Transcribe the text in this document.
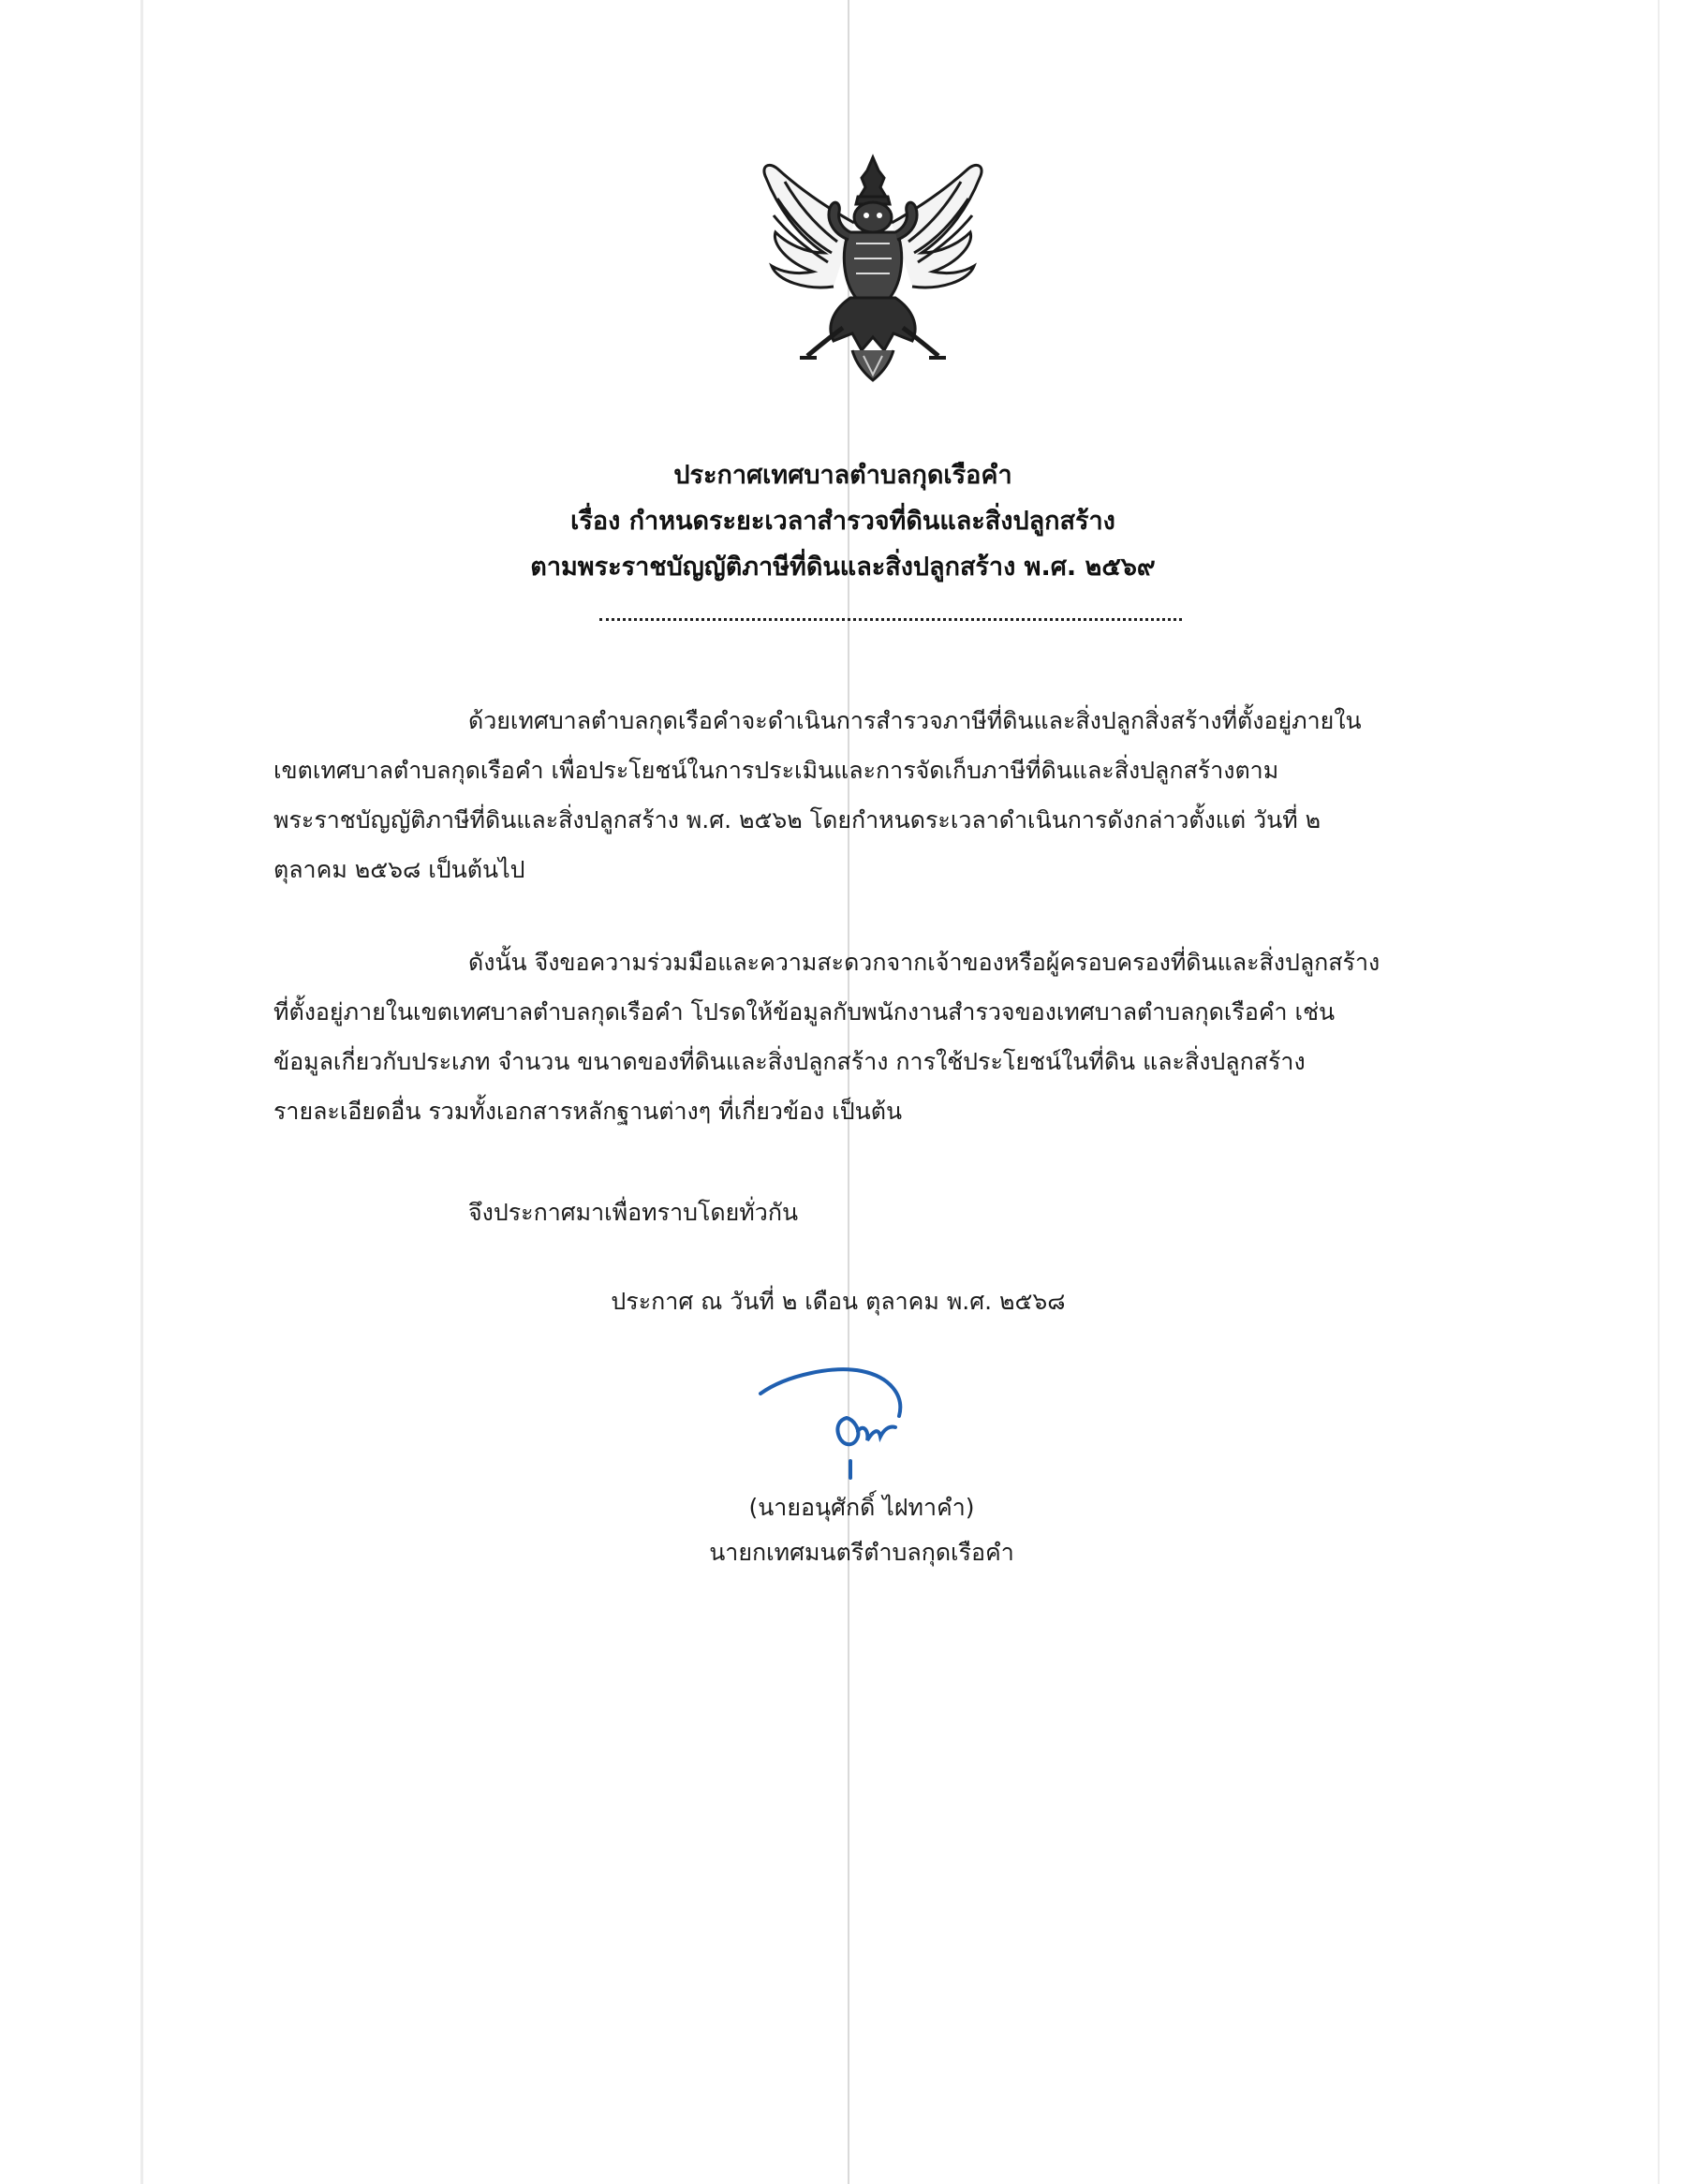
ประกาศเทศบาลตำบลกุดเรือคำ
เรื่อง กำหนดระยะเวลาสำรวจที่ดินและสิ่งปลูกสร้าง
ตามพระราชบัญญัติภาษีที่ดินและสิ่งปลูกสร้าง พ.ศ. ๒๕๖๙
ด้วยเทศบาลตำบลกุดเรือคำจะดำเนินการสำรวจภาษีที่ดินและสิ่งปลูกสิ่งสร้างที่ตั้งอยู่ภายใน
เขตเทศบาลตำบลกุดเรือคำ เพื่อประโยชน์ในการประเมินและการจัดเก็บภาษีที่ดินและสิ่งปลูกสร้างตาม
พระราชบัญญัติภาษีที่ดินและสิ่งปลูกสร้าง พ.ศ. ๒๕๖๒ โดยกำหนดระเวลาดำเนินการดังกล่าวตั้งแต่ วันที่ ๒
ตุลาคม ๒๕๖๘ เป็นต้นไป
ดังนั้น จึงขอความร่วมมือและความสะดวกจากเจ้าของหรือผู้ครอบครองที่ดินและสิ่งปลูกสร้าง
ที่ตั้งอยู่ภายในเขตเทศบาลตำบลกุดเรือคำ โปรดให้ข้อมูลกับพนักงานสำรวจของเทศบาลตำบลกุดเรือคำ เช่น
ข้อมูลเกี่ยวกับประเภท จำนวน ขนาดของที่ดินและสิ่งปลูกสร้าง การใช้ประโยชน์ในที่ดิน และสิ่งปลูกสร้าง
รายละเอียดอื่น รวมทั้งเอกสารหลักฐานต่างๆ ที่เกี่ยวข้อง เป็นต้น
จึงประกาศมาเพื่อทราบโดยทั่วกัน
ประกาศ ณ วันที่ ๒ เดือน ตุลาคม พ.ศ. ๒๕๖๘
(นายอนุศักดิ์ ไฝทาคำ)
นายกเทศมนตรีตำบลกุดเรือคำ
